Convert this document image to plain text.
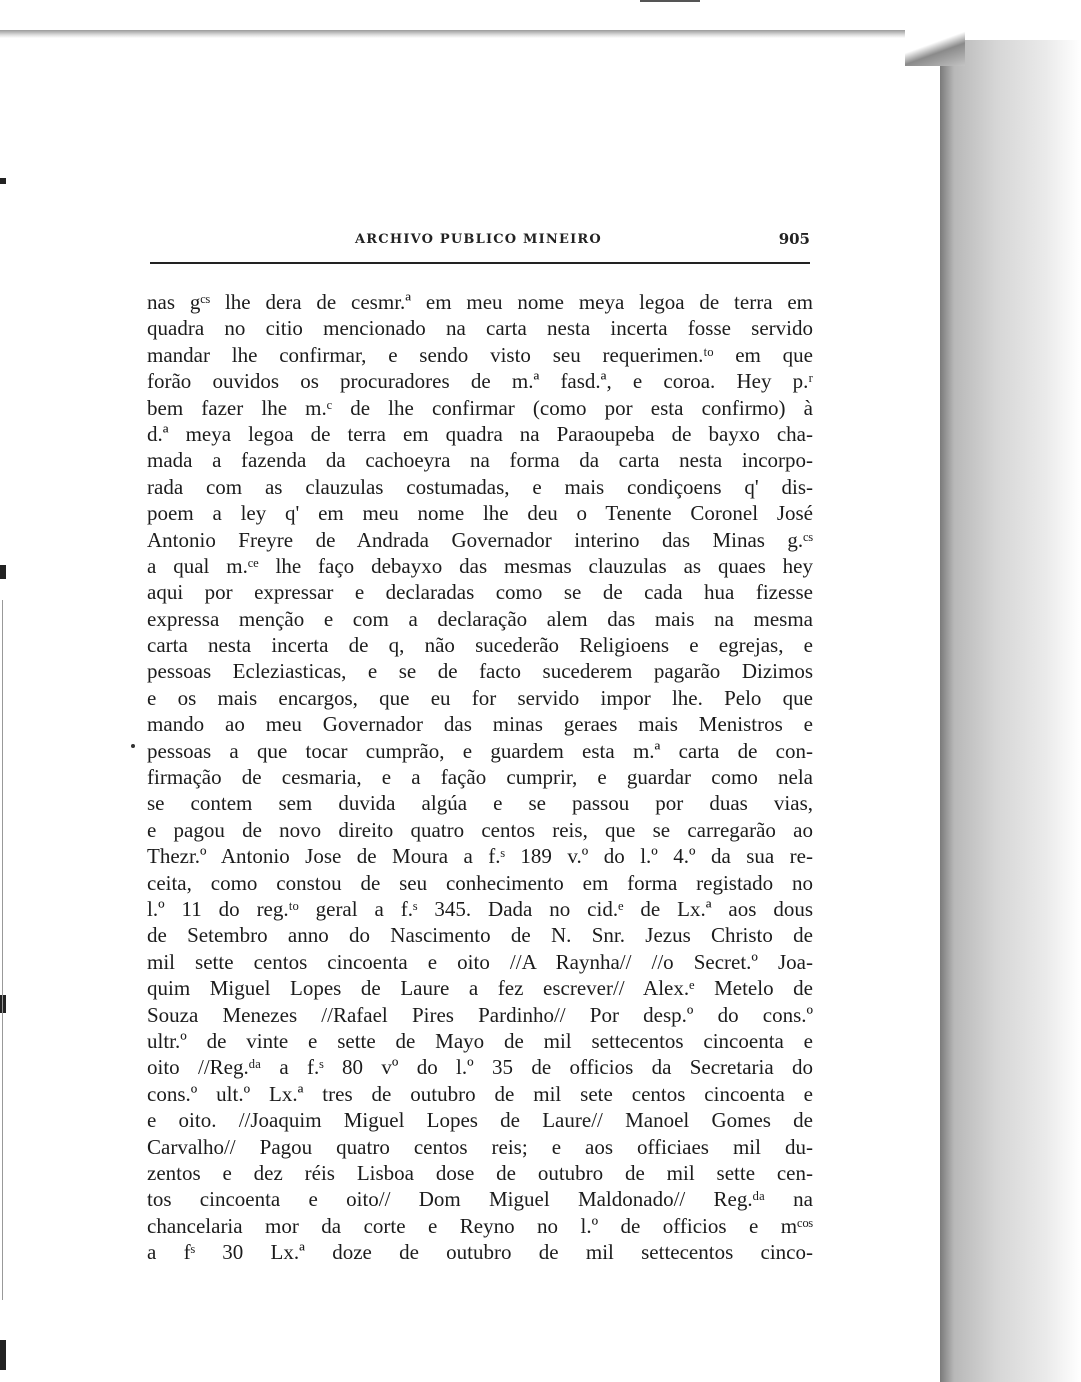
ARCHIVO PUBLICO MINEIRO	905
nas gᶜˢ lhe dera de cesmr.ª em meu nome meya legoa de terra em
quadra no citio mencionado na carta nesta incerta fosse servido
mandar lhe confirmar, e sendo visto seu requerimen.ᵗᵒ em que
forão ouvidos os procuradores de m.ª fasd.ª, e coroa. Hey p.ʳ
bem fazer lhe m.ᶜ de lhe confirmar (como por esta confirmo) à
d.ª meya legoa de terra em quadra na Paraoupeba de bayxo cha-
mada a fazenda da cachoeyra na forma da carta nesta incorpo-
rada com as clauzulas costumadas, e mais condiçoens q' dis-
poem a ley q' em meu nome lhe deu o Tenente Coronel José
Antonio Freyre de Andrada Governador interino das Minas g.ᶜˢ
a qual m.ᶜᵉ lhe faço debayxo das mesmas clauzulas as quaes hey
aqui por expressar e declaradas como se de cada hua fizesse
expressa menção e com a declaração alem das mais na mesma
carta nesta incerta de q, não sucederão Religioens e egrejas, e
pessoas Ecleziasticas, e se de facto sucederem pagarão Dizimos
e os mais encargos, que eu for servido impor lhe. Pelo que
mando ao meu Governador das minas geraes mais Menistros e
pessoas a que tocar cumprão, e guardem esta m.ª carta de con-
firmação de cesmaria, e a fação cumprir, e guardar como nela
se contem sem duvida algúa e se passou por duas vias,
e pagou de novo direito quatro centos reis, que se carregarão ao
Thezr.º Antonio Jose de Moura a f.ˢ 189 v.º do l.º 4.º da sua re-
ceita, como constou de seu conhecimento em forma registado no
l.º 11 do reg.ᵗᵒ geral a f.ˢ 345. Dada no cid.ᵉ de Lx.ª aos dous
de Setembro anno do Nascimento de N. Snr. Jezus Christo de
mil sette centos cincoenta e oito //A Raynha// //o Secret.º Joa-
quim Miguel Lopes de Laure a fez escrever// Alex.ᵉ Metelo de
Souza Menezes //Rafael Pires Pardinho// Por desp.º do cons.º
ultr.º de vinte e sette de Mayo de mil settecentos cincoenta e
oito //Reg.ᵈᵃ a f.ˢ 80 vº do l.º 35 de officios da Secretaria do
cons.º ult.º Lx.ª tres de outubro de mil sete centos cincoenta e
e oito. //Joaquim Miguel Lopes de Laure// Manoel Gomes de
Carvalho// Pagou quatro centos reis; e aos officiaes mil du-
zentos e dez réis Lisboa dose de outubro de mil sette cen-
tos cincoenta e oito// Dom Miguel Maldonado// Reg.ᵈᵃ na
chancelaria mor da corte e Reyno no l.º de officios e mᶜᵒˢ
a fˢ 30 Lx.ª doze de outubro de mil settecentos cinco-
